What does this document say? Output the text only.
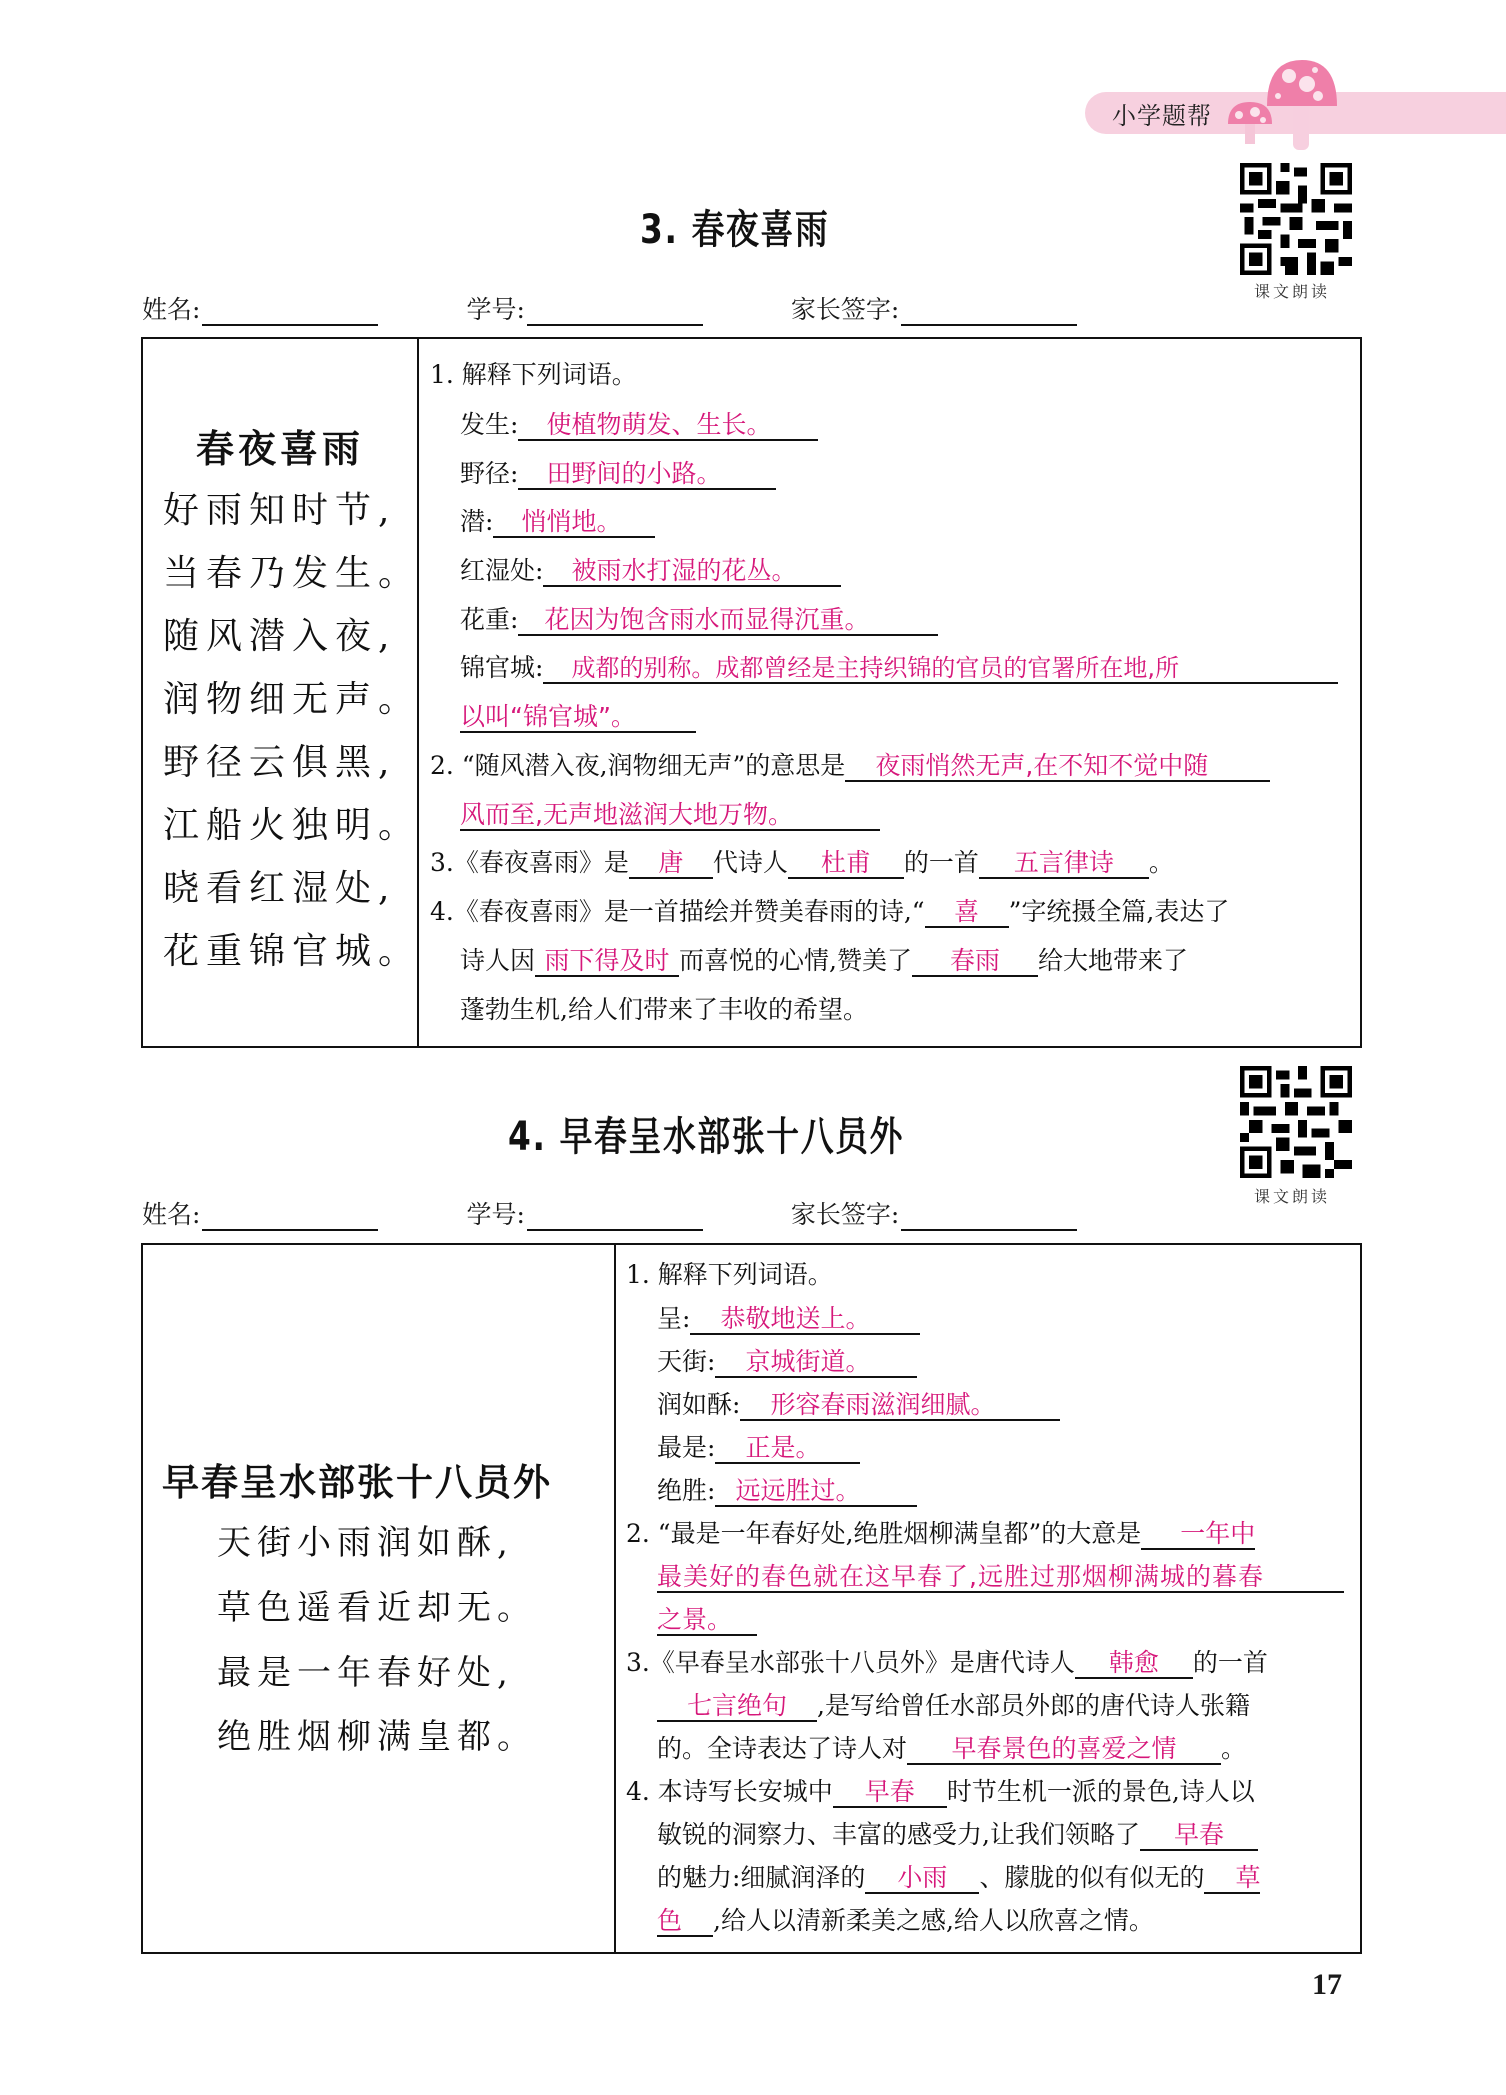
小学题帮
3. 春夜喜雨
课文朗读
姓名:	学号:	家长签字:
春夜喜雨
好雨知时节,
当春乃发生。
随风潜入夜,
润物细无声。
野径云俱黑,
江船火独明。
晓看红湿处,
花重锦官城。
1. 解释下列词语。
发生: 使植物萌发、生长。
野径: 田野间的小路。
潜: 悄悄地。
红湿处: 被雨水打湿的花丛。
花重: 花因为饱含雨水而显得沉重。
锦官城: 成都的别称。成都曾经是主持织锦的官员的官署所在地,所
以叫“锦官城”。
2. “随风潜入夜,润物细无声”的意思是 夜雨悄然无声,在不知不觉中随
风而至,无声地滋润大地万物。
3.《春夜喜雨》是 唐 代诗人 杜甫 的一首 五言律诗 。
4.《春夜喜雨》是一首描绘并赞美春雨的诗,“ 喜 ”字统摄全篇,表达了
诗人因 雨下得及时 而喜悦的心情,赞美了 春雨 给大地带来了
蓬勃生机,给人们带来了丰收的希望。
4. 早春呈水部张十八员外
课文朗读
姓名:	学号:	家长签字:
早春呈水部张十八员外
天街小雨润如酥,
草色遥看近却无。
最是一年春好处,
绝胜烟柳满皇都。
1. 解释下列词语。
呈: 恭敬地送上。
天街: 京城街道。
润如酥: 形容春雨滋润细腻。
最是: 正是。
绝胜: 远远胜过。
2. “最是一年春好处,绝胜烟柳满皇都”的大意是 一年中
最美好的春色就在这早春了,远胜过那烟柳满城的暮春
之景。
3.《早春呈水部张十八员外》是唐代诗人 韩愈 的一首
七言绝句 ,是写给曾任水部员外郎的唐代诗人张籍
的。全诗表达了诗人对 早春景色的喜爱之情 。
4. 本诗写长安城中 早春 时节生机一派的景色,诗人以
敏锐的洞察力、丰富的感受力,让我们领略了 早春
的魅力:细腻润泽的 小雨 、朦胧的似有似无的 草
色 ,给人以清新柔美之感,给人以欣喜之情。
17
